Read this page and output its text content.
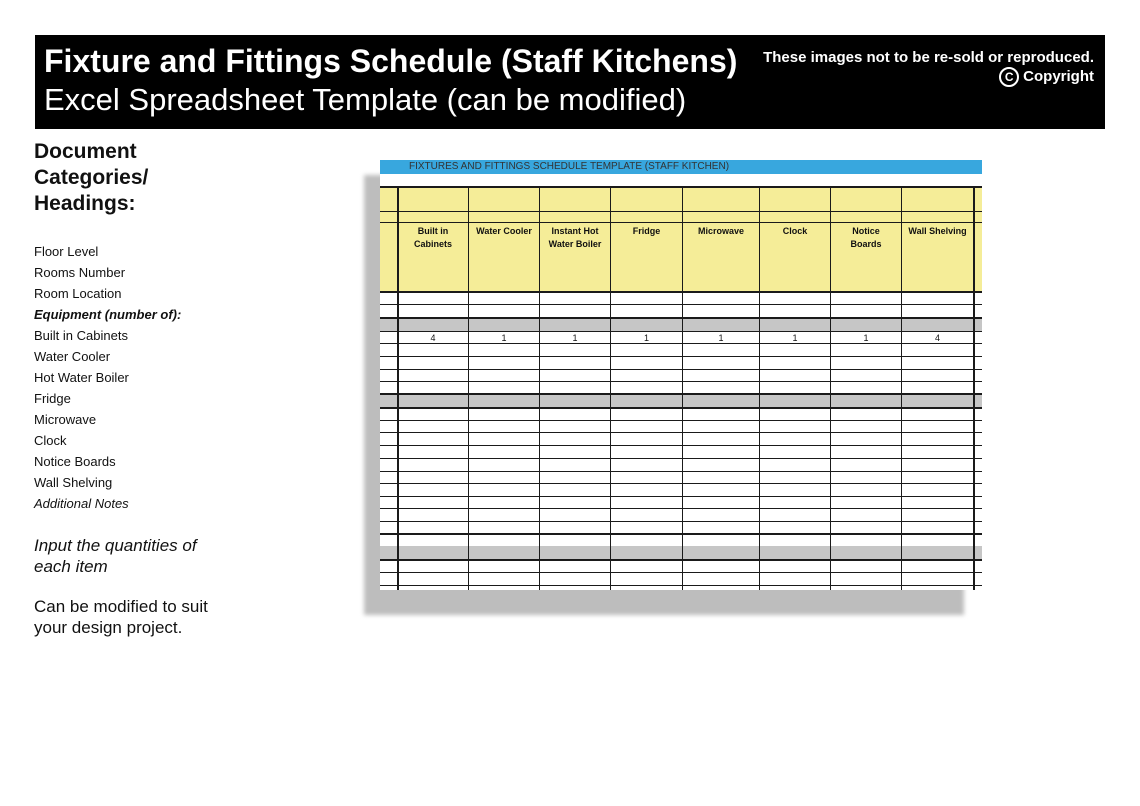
Fixture and Fittings Schedule (Staff Kitchens)
Excel Spreadsheet Template (can be modified)
These images not to be re-sold or reproduced.
C Copyright
Document Categories/ Headings:
Floor Level
Rooms Number
Room Location
Equipment (number of):
Built in Cabinets
Water Cooler
Hot Water Boiler
Fridge
Microwave
Clock
Notice Boards
Wall Shelving
Additional Notes
Input the quantities of each item
Can be modified to suit your design project.
FIXTURES AND FITTINGS SCHEDULE TEMPLATE (STAFF KITCHEN)
Built in
Cabinets
4
Water Cooler
1
Instant Hot
Water Boiler
1
Fridge
1
Microwave
1
Clock
1
Notice
Boards
1
Wall Shelving
4
